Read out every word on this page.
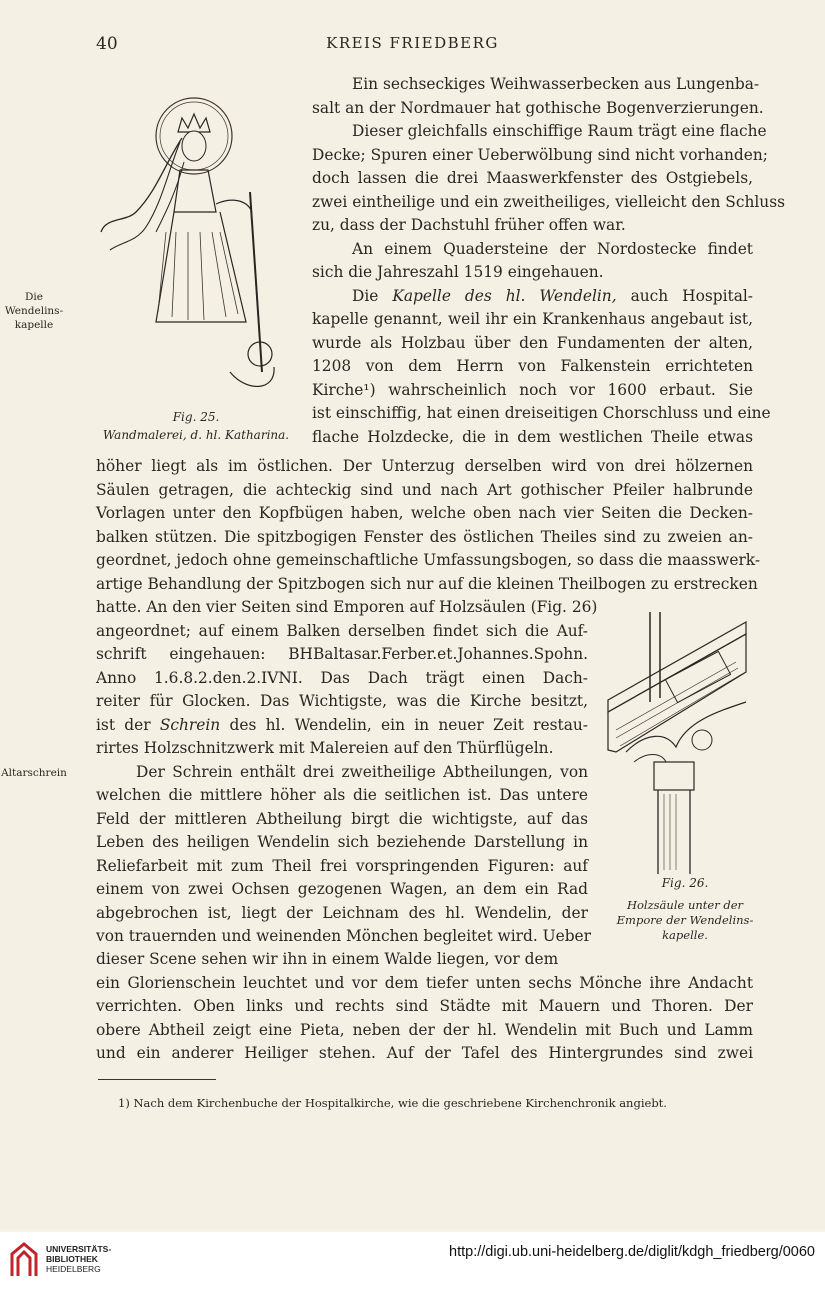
40	KREIS FRIEDBERG
Fig. 25.
Wandmalerei, d. hl. Katharina.
Die Wendelins-
kapelle
Altarschrein
Ein sechseckiges Weihwasserbecken aus Lungenba-
salt an der Nordmauer hat gothische Bogenverzierungen.
Dieser gleichfalls einschiffige Raum trägt eine flache
Decke; Spuren einer Ueberwölbung sind nicht vorhanden;
doch lassen die drei Maaswerkfenster des Ostgiebels,
zwei eintheilige und ein zweitheiliges, vielleicht den Schluss
zu, dass der Dachstuhl früher offen war.
An einem Quadersteine der Nordostecke findet
sich die Jahreszahl 1519 eingehauen.
Die Kapelle des hl. Wendelin, auch Hospital-
kapelle genannt, weil ihr ein Krankenhaus angebaut ist,
wurde als Holzbau über den Fundamenten der alten,
1208 von dem Herrn von Falkenstein errichteten
Kirche¹) wahrscheinlich noch vor 1600 erbaut. Sie
ist einschiffig, hat einen dreiseitigen Chorschluss und eine
flache Holzdecke, die in dem westlichen Theile etwas
höher liegt als im östlichen. Der Unterzug derselben wird von drei hölzernen
Säulen getragen, die achteckig sind und nach Art gothischer Pfeiler halbrunde
Vorlagen unter den Kopfbügen haben, welche oben nach vier Seiten die Decken-
balken stützen. Die spitzbogigen Fenster des östlichen Theiles sind zu zweien an-
geordnet, jedoch ohne gemeinschaftliche Umfassungsbogen, so dass die maasswerk-
artige Behandlung der Spitzbogen sich nur auf die kleinen Theilbogen zu erstrecken
hatte. An den vier Seiten sind Emporen auf Holzsäulen (Fig. 26)
angeordnet; auf einem Balken derselben findet sich die Auf-
schrift eingehauen: BHBaltasar.Ferber.et.Johannes.Spohn.
Anno 1.6.8.2.den.2.IVNI. Das Dach trägt einen Dach-
reiter für Glocken. Das Wichtigste, was die Kirche besitzt,
ist der Schrein des hl. Wendelin, ein in neuer Zeit restau-
rirtes Holzschnitzwerk mit Malereien auf den Thürflügeln.
Der Schrein enthält drei zweitheilige Abtheilungen, von
welchen die mittlere höher als die seitlichen ist. Das untere
Feld der mittleren Abtheilung birgt die wichtigste, auf das
Leben des heiligen Wendelin sich beziehende Darstellung in
Reliefarbeit mit zum Theil frei vorspringenden Figuren: auf
einem von zwei Ochsen gezogenen Wagen, an dem ein Rad
abgebrochen ist, liegt der Leichnam des hl. Wendelin, der
von trauernden und weinenden Mönchen begleitet wird. Ueber
Fig. 26.
Holzsäule unter der
Empore der Wendelins-
kapelle.
dieser Scene sehen wir ihn in einem Walde liegen, vor dem
ein Glorienschein leuchtet und vor dem tiefer unten sechs Mönche ihre Andacht
verrichten. Oben links und rechts sind Städte mit Mauern und Thoren. Der
obere Abtheil zeigt eine Pieta, neben der der hl. Wendelin mit Buch und Lamm
und ein anderer Heiliger stehen. Auf der Tafel des Hintergrundes sind zwei
1) Nach dem Kirchenbuche der Hospitalkirche, wie die geschriebene Kirchenchronik angiebt.
UNIVERSITÄTS-
BIBLIOTHEK
HEIDELBERG
http://digi.ub.uni-heidelberg.de/diglit/kdgh_friedberg/0060
